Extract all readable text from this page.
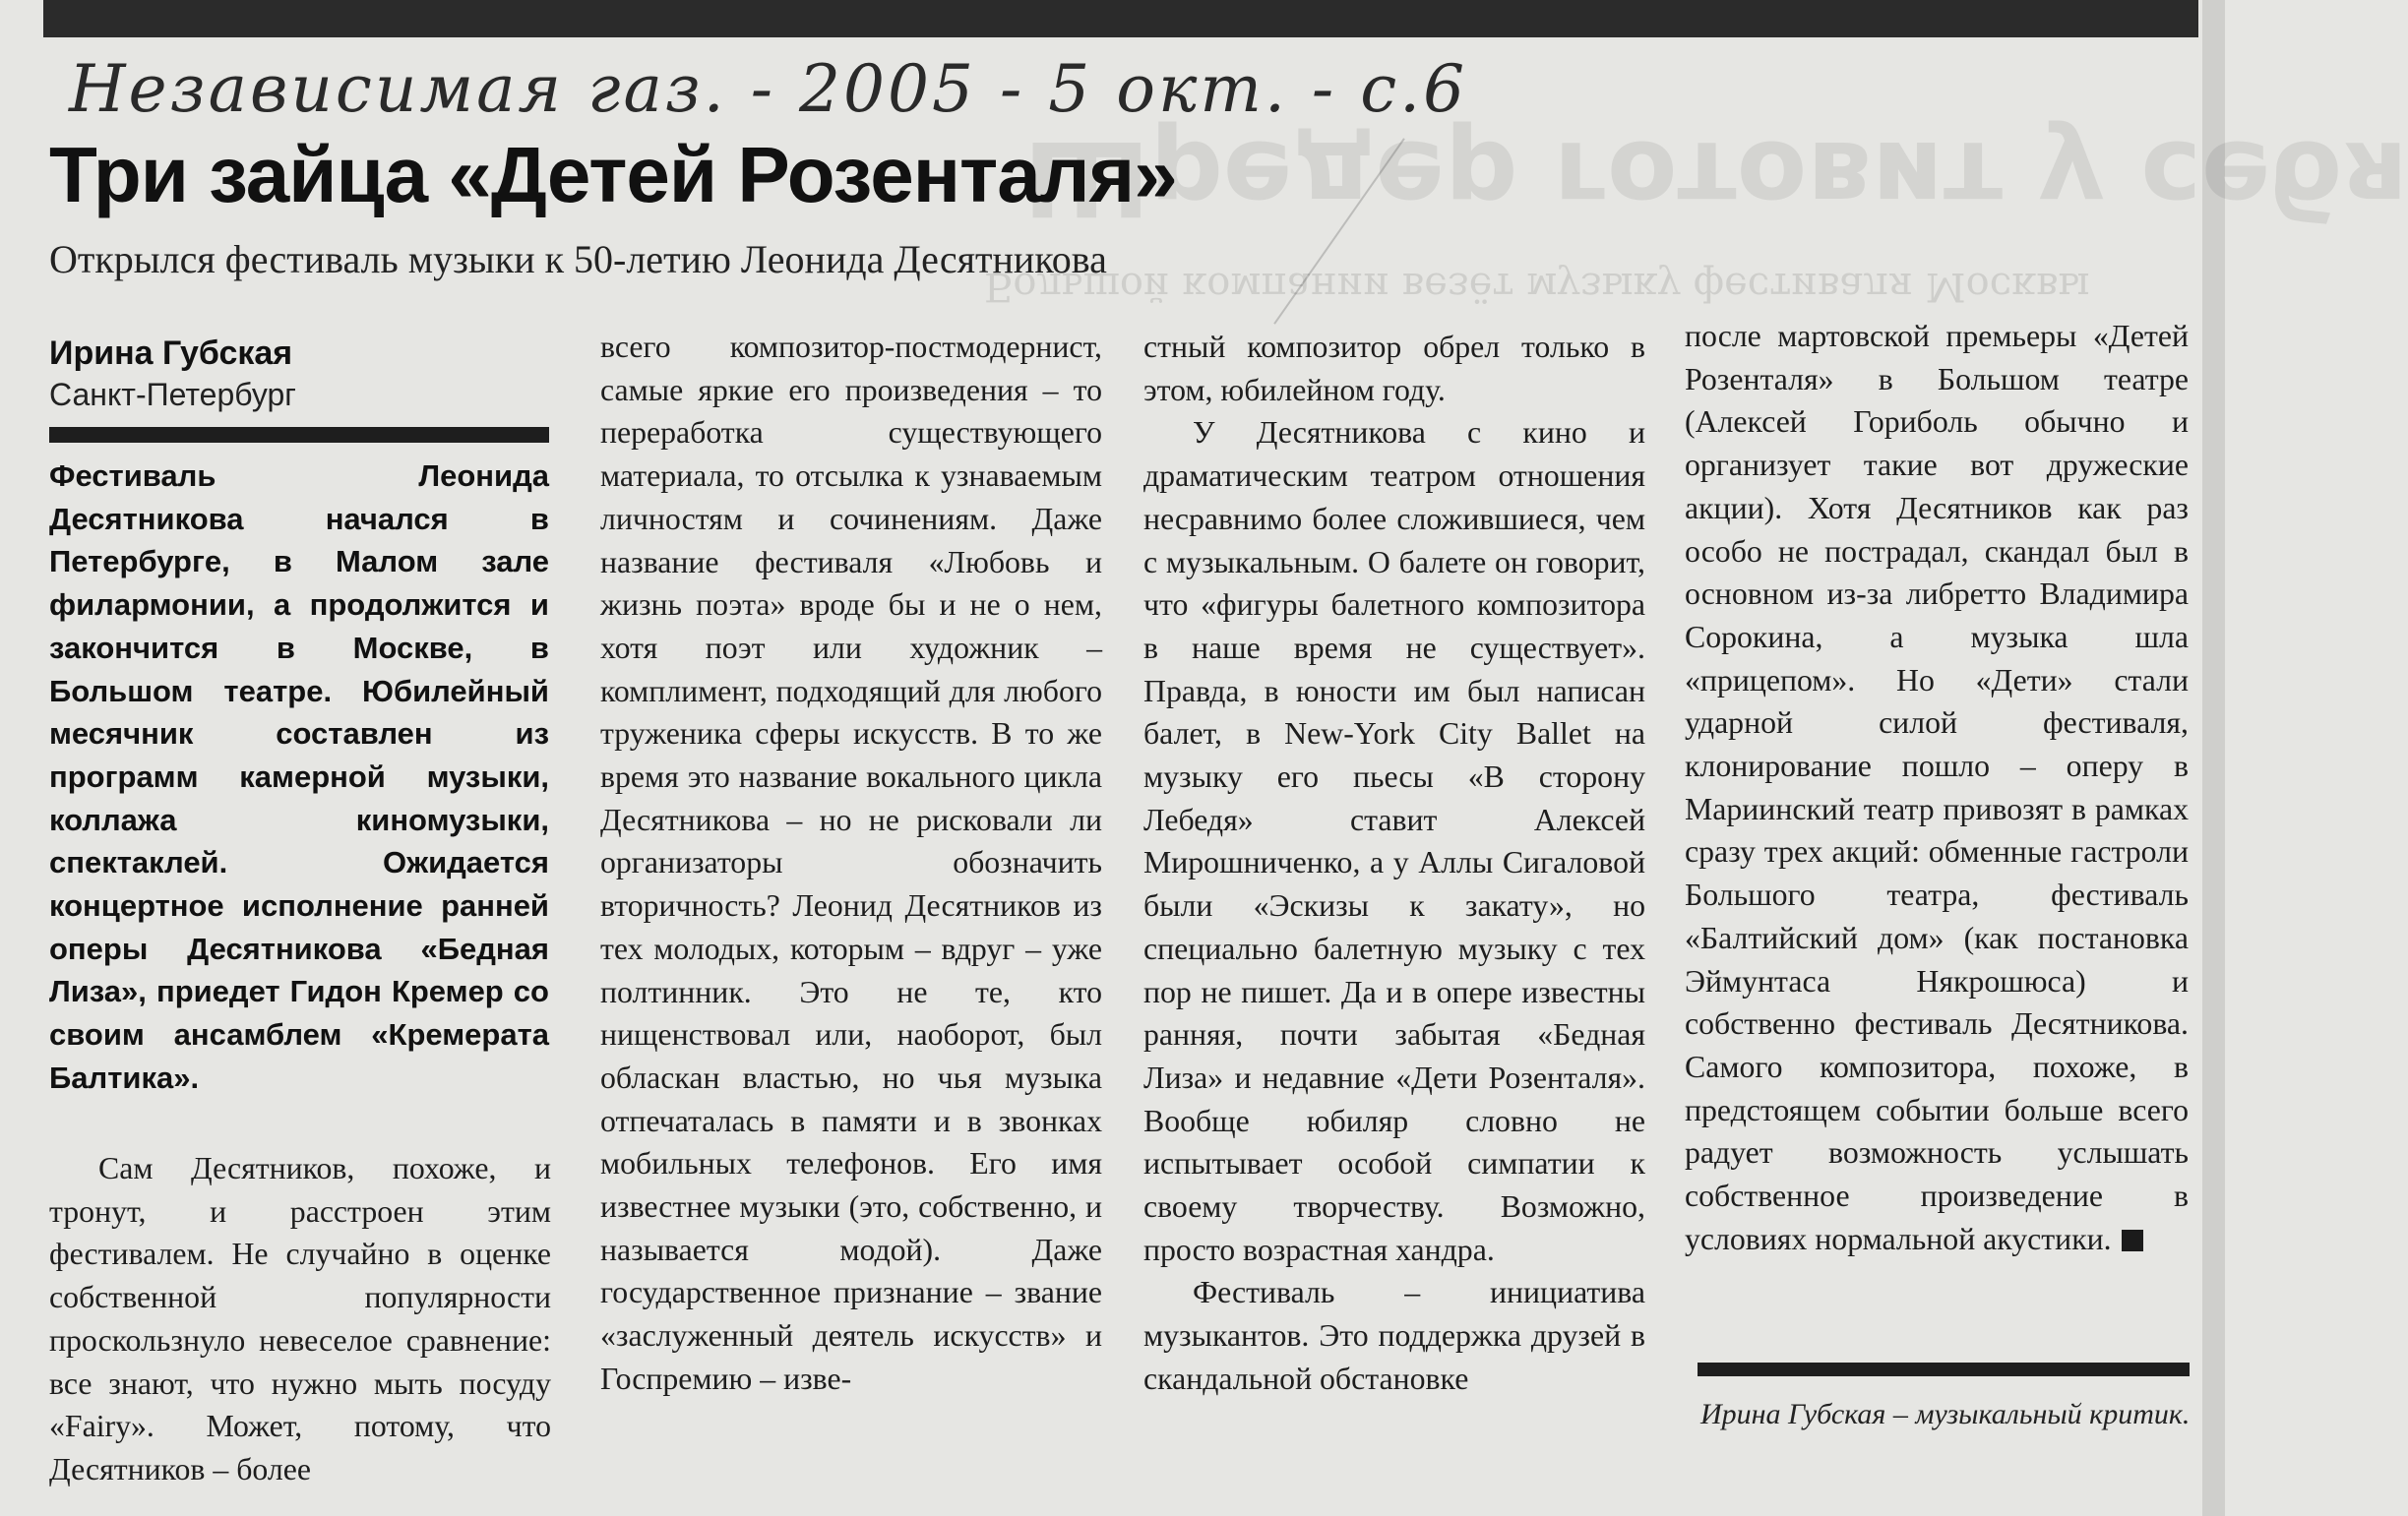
Шредер готовит у себя
Большой компании везёт музыку фестиваля Москвы
Независимая газ. - 2005 - 5 окт. - с.6
Три зайца «Детей Розенталя»
Открылся фестиваль музыки к 50-летию Леонида Десятникова
Ирина Губская
Санкт-Петербург

Фестиваль Леонида Десятникова начался в Петербурге, в Малом зале филармонии, а продолжится и закончится в Москве, в Большом театре. Юбилейный месячник составлен из программ камерной музыки, коллажа киномузыки, спектаклей. Ожидается концертное исполнение ранней оперы Десятникова «Бедная Лиза», приедет Гидон Кремер со своим ансамблем «Кремерата Балтика».

Сам Десятников, похоже, и тронут, и расстроен этим фестивалем. Не случайно в оценке собственной популярности проскользнуло невеселое сравнение: все знают, что нужно мыть посуду «Fairy». Может, потому, что Десятников – более

всего композитор-постмодернист, самые яркие его произведения – то переработка существующего материала, то отсылка к узнаваемым личностям и сочинениям. Даже название фестиваля «Любовь и жизнь поэта» вроде бы и не о нем, хотя поэт или художник – комплимент, подходящий для любого труженика сферы искусств. В то же время это название вокального цикла Десятникова – но не рисковали ли организаторы обозначить вторичность? Леонид Десятников из тех молодых, которым – вдруг – уже полтинник. Это не те, кто нищенствовал или, наоборот, был обласкан властью, но чья музыка отпечаталась в памяти и в звонках мобильных телефонов. Его имя известнее музыки (это, собственно, и называется модой). Даже государственное признание – звание «заслуженный деятель искусств» и Госпремию – изве-

стный композитор обрел только в этом, юбилейном году.

У Десятникова с кино и драматическим театром отношения несравнимо более сложившиеся, чем с музыкальным. О балете он говорит, что «фигуры балетного композитора в наше время не существует». Правда, в юности им был написан балет, в New-York City Ballet на музыку его пьесы «В сторону Лебедя» ставит Алексей Мирошниченко, а у Аллы Сигаловой были «Эскизы к закату», но специально балетную музыку с тех пор не пишет. Да и в опере известны ранняя, почти забытая «Бедная Лиза» и недавние «Дети Розенталя». Вообще юбиляр словно не испытывает особой симпатии к своему творчеству. Возможно, просто возрастная хандра.

Фестиваль – инициатива музыкантов. Это поддержка друзей в скандальной обстановке

после мартовской премьеры «Детей Розенталя» в Большом театре (Алексей Гориболь обычно и организует такие вот дружеские акции). Хотя Десятников как раз особо не пострадал, скандал был в основном из-за либретто Владимира Сорокина, а музыка шла «прицепом». Но «Дети» стали ударной силой фестиваля, клонирование пошло – оперу в Мариинский театр привозят в рамках сразу трех акций: обменные гастроли Большого театра, фестиваль «Балтийский дом» (как постановка Эймунтаса Някрошюса) и собственно фестиваль Десятникова. Самого композитора, похоже, в предстоящем событии больше всего радует возможность услышать собственное произведение в условиях нормальной акустики.
Ирина Губская – музыкальный критик.
